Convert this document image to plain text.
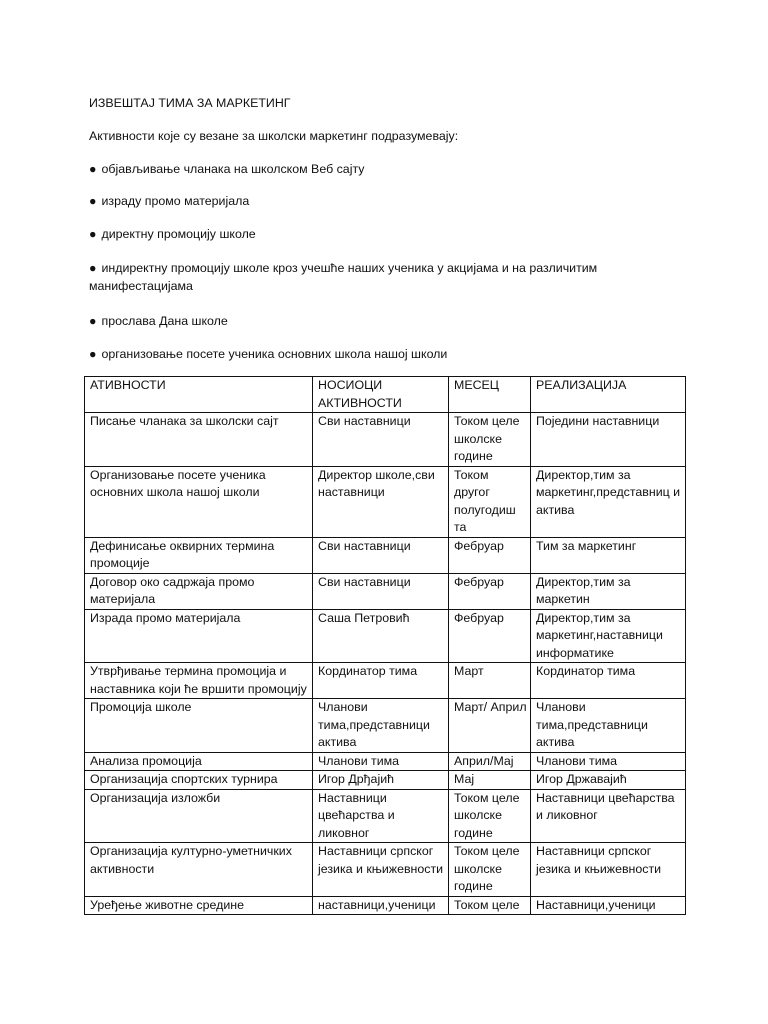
ИЗВЕШТАЈ ТИМА ЗА МАРКЕТИНГ
Активности које су везане за школски маркетинг подразумевају:
● објављивање чланака на школском Веб сајту
● израду промо материјала
● директну промоцију школе
● индиректну промоцију школе кроз учешће наших ученика у акцијама и на различитим манифестацијама
● прослава Дана школе
● организовање посете ученика основних школа нашој школи
АТИВНОСТИ	НОСИОЦИ АКТИВНОСТИ	МЕСЕЦ	РЕАЛИЗАЦИЈА
Писање чланака за школски сајт	Сви наставници	Током целе школске године	Поједини наставници
Организовање посете ученика основних школа нашој школи	Директор школе,сви наставници	Током другог полугодиш та	Директор,тим за маркетинг,представниц и актива
Дефинисање оквирних термина промоције	Сви наставници	Фебруар	Тим за маркетинг
Договор око садржаја промо материјала	Сви наставници	Фебруар	Директор,тим за маркетин
Израда промо материјала	Саша Петровић	Фебруар	Директор,тим за маркетинг,наставници информатике
Утврђивање термина промоција и наставника који ће вршити промоцију	Кординатор тима	Март	Кординатор тима
Промоција школе	Чланови тима,представници актива	Март/ Април	Чланови тима,представници актива
Анализа промоција	Чланови тима	Април/Мај	Чланови тима
Организација спортских турнира	Игор Дрђајић	Мај	Игор Државајић
Организација изложби	Наставници цвећарства и ликовног	Током целе школске године	Наставници цвећарства и ликовног
Организација културно-уметничких активности	Наставници српског језика и књижевности	Током целе школске године	Наставници српског језика и књижевности
Уређење животне средине	наставници,ученици	Током целе	Наставници,ученици
